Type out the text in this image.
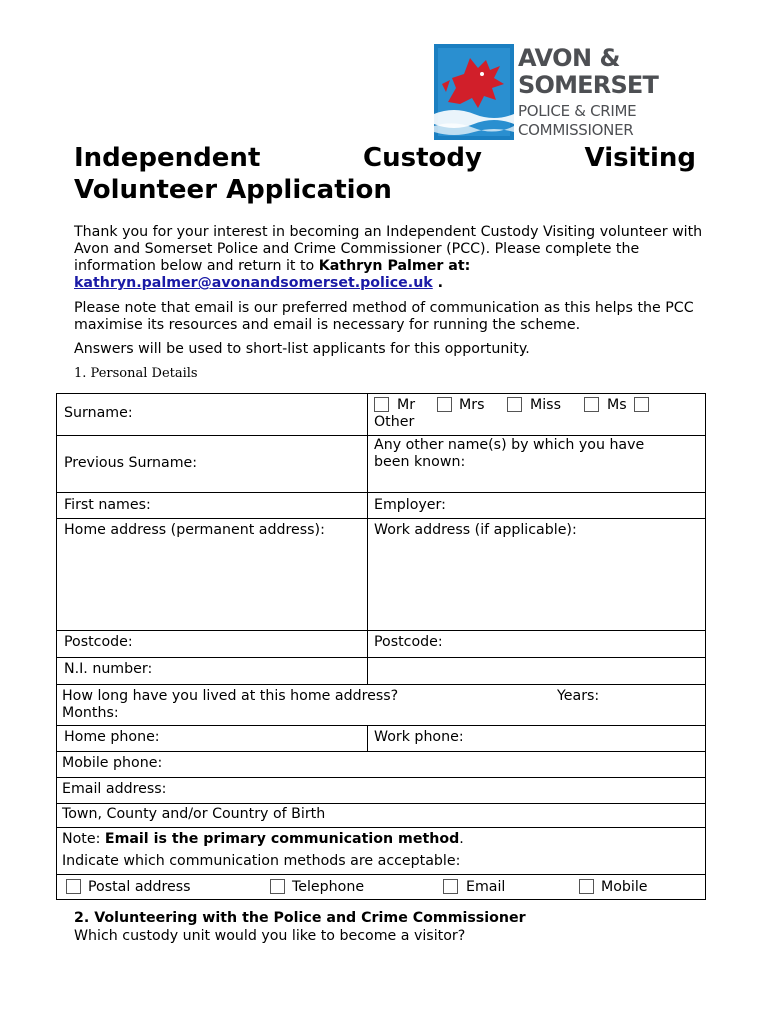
AVON &
SOMERSET
POLICE & CRIME
COMMISSIONER
Independent	Custody	Visiting
Volunteer Application
Thank you for your interest in becoming an Independent Custody Visiting volunteer with Avon and Somerset Police and Crime Commissioner (PCC). Please complete the information below and return it to Kathryn Palmer at:
kathryn.palmer@avonandsomerset.police.uk .
Please note that email is our preferred method of communication as this helps the PCC maximise its resources and email is necessary for running the scheme.
Answers will be used to short-list applicants for this opportunity.
1. Personal Details
Surname:	Mr	Mrs	Miss	Ms
Other
Previous Surname:
Any other name(s) by which you have
been known:
First names:	Employer:
Home address (permanent address):	Work address (if applicable):
Postcode:	Postcode:
N.I. number:
How long have you lived at this home address?	Years:
Months:
Home phone:	Work phone:
Mobile phone:
Email address:
Town, County and/or Country of Birth
Note: Email is the primary communication method.
Indicate which communication methods are acceptable:
Postal address	Telephone	Email	Mobile
2. Volunteering with the Police and Crime Commissioner
Which custody unit would you like to become a visitor?
